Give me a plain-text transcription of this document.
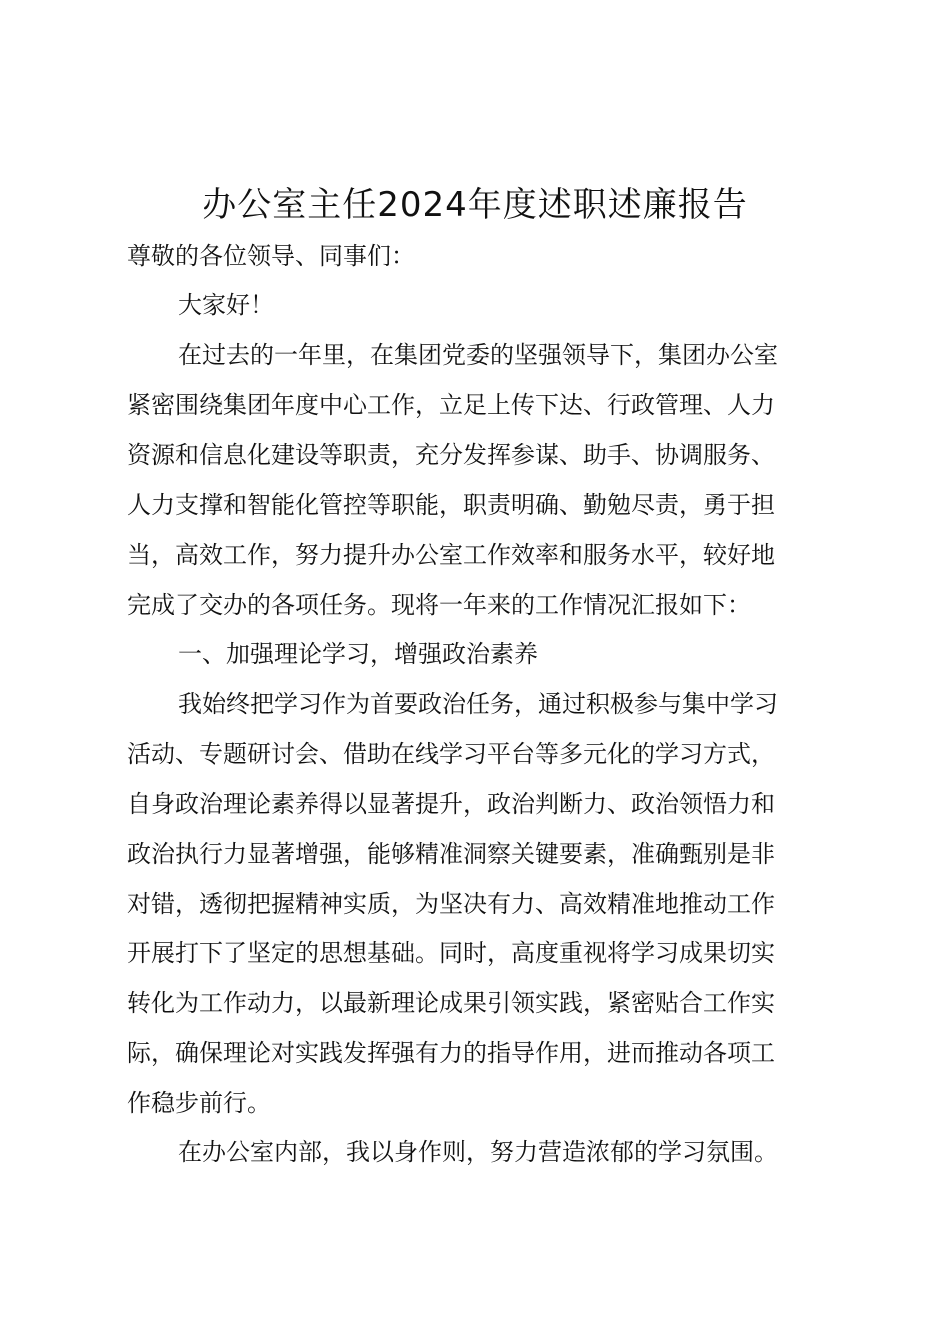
办公室主任2024年度述职述廉报告
尊敬的各位领导、同事们：
大家好！
在过去的一年里，在集团党委的坚强领导下，集团办公室
紧密围绕集团年度中心工作，立足上传下达、行政管理、人力
资源和信息化建设等职责，充分发挥参谋、助手、协调服务、
人力支撑和智能化管控等职能，职责明确、勤勉尽责，勇于担
当，高效工作，努力提升办公室工作效率和服务水平，较好地
完成了交办的各项任务。现将一年来的工作情况汇报如下：
一、加强理论学习，增强政治素养
我始终把学习作为首要政治任务，通过积极参与集中学习
活动、专题研讨会、借助在线学习平台等多元化的学习方式，
自身政治理论素养得以显著提升，政治判断力、政治领悟力和
政治执行力显著增强，能够精准洞察关键要素，准确甄别是非
对错，透彻把握精神实质，为坚决有力、高效精准地推动工作
开展打下了坚定的思想基础。同时，高度重视将学习成果切实
转化为工作动力，以最新理论成果引领实践，紧密贴合工作实
际，确保理论对实践发挥强有力的指导作用，进而推动各项工
作稳步前行。
在办公室内部，我以身作则，努力营造浓郁的学习氛围。
